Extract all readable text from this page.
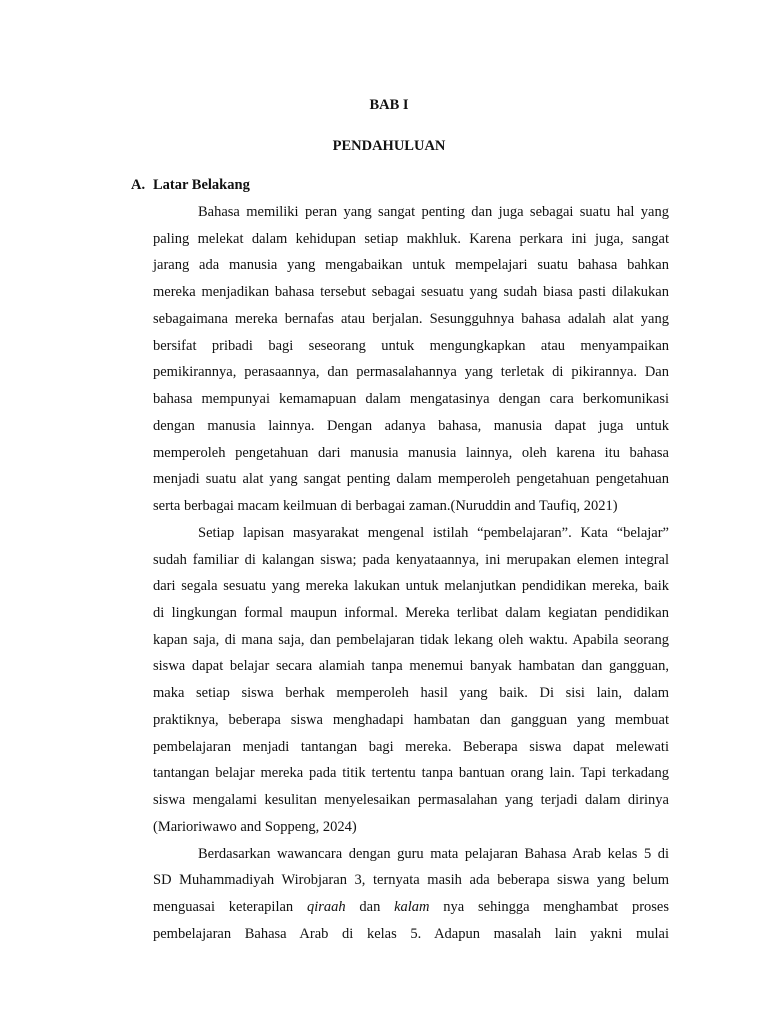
BAB I
PENDAHULUAN
A. Latar Belakang
Bahasa memiliki peran yang sangat penting dan juga sebagai suatu hal yang
paling melekat dalam kehidupan setiap makhluk. Karena perkara ini juga, sangat
jarang ada manusia yang mengabaikan untuk mempelajari suatu bahasa bahkan
mereka menjadikan bahasa tersebut sebagai sesuatu yang sudah biasa pasti dilakukan
sebagaimana mereka bernafas atau berjalan. Sesungguhnya bahasa adalah alat yang
bersifat pribadi bagi seseorang untuk mengungkapkan atau menyampaikan
pemikirannya, perasaannya, dan permasalahannya yang terletak di pikirannya. Dan
bahasa mempunyai kemamapuan dalam mengatasinya dengan cara berkomunikasi
dengan manusia lainnya. Dengan adanya bahasa, manusia dapat juga untuk
memperoleh pengetahuan dari manusia manusia lainnya, oleh karena itu bahasa
menjadi suatu alat yang sangat penting dalam memperoleh pengetahuan pengetahuan
serta berbagai macam keilmuan di berbagai zaman.(Nuruddin and Taufiq, 2021)
Setiap lapisan masyarakat mengenal istilah “pembelajaran”. Kata “belajar”
sudah familiar di kalangan siswa; pada kenyataannya, ini merupakan elemen integral
dari segala sesuatu yang mereka lakukan untuk melanjutkan pendidikan mereka, baik
di lingkungan formal maupun informal. Mereka terlibat dalam kegiatan pendidikan
kapan saja, di mana saja, dan pembelajaran tidak lekang oleh waktu. Apabila seorang
siswa dapat belajar secara alamiah tanpa menemui banyak hambatan dan gangguan,
maka setiap siswa berhak memperoleh hasil yang baik. Di sisi lain, dalam
praktiknya, beberapa siswa menghadapi hambatan dan gangguan yang membuat
pembelajaran menjadi tantangan bagi mereka. Beberapa siswa dapat melewati
tantangan belajar mereka pada titik tertentu tanpa bantuan orang lain. Tapi terkadang
siswa mengalami kesulitan menyelesaikan permasalahan yang terjadi dalam dirinya
(Marioriwawo and Soppeng, 2024)
Berdasarkan wawancara dengan guru mata pelajaran Bahasa Arab kelas 5 di
SD Muhammadiyah Wirobjaran 3, ternyata masih ada beberapa siswa yang belum
menguasai keterapilan qiraah dan kalam nya sehingga menghambat proses
pembelajaran Bahasa Arab di kelas 5. Adapun masalah lain yakni mulai
